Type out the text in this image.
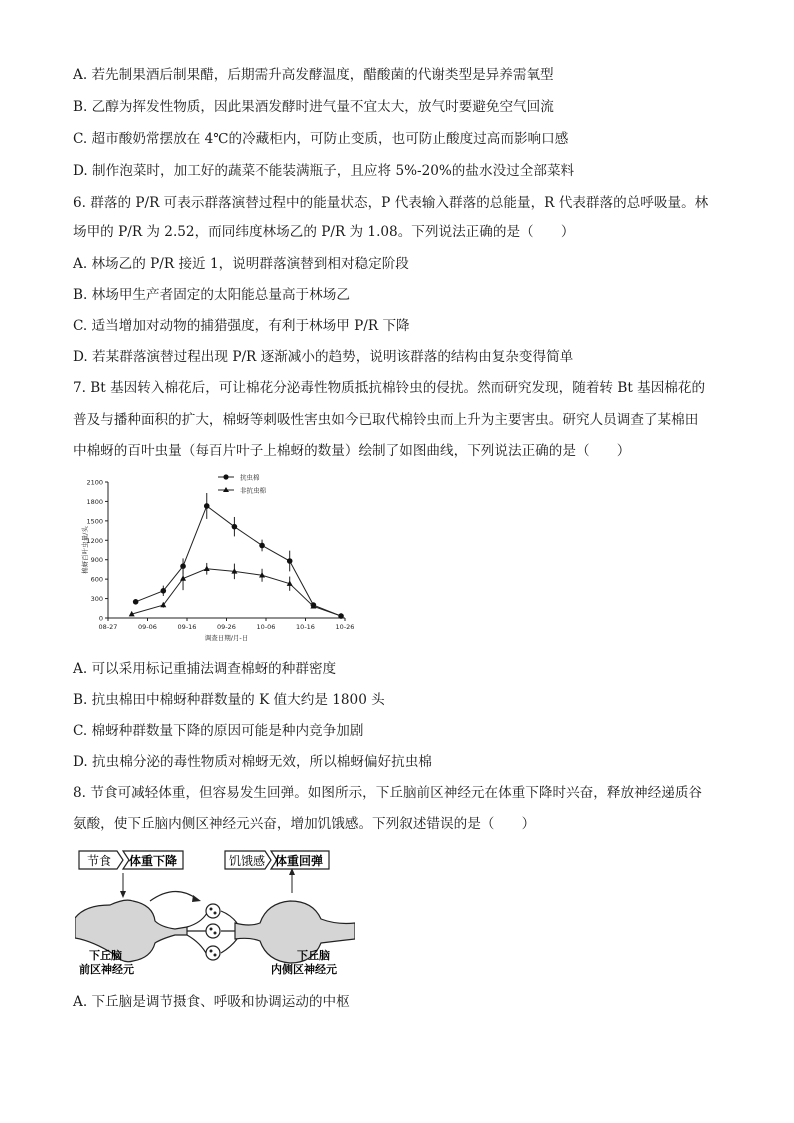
A. 若先制果酒后制果醋，后期需升高发酵温度，醋酸菌的代谢类型是异养需氧型
B. 乙醇为挥发性物质，因此果酒发酵时进气量不宜太大，放气时要避免空气回流
C. 超市酸奶常摆放在 4℃的冷藏柜内，可防止变质，也可防止酸度过高而影响口感
D. 制作泡菜时，加工好的蔬菜不能装满瓶子，且应将 5%-20%的盐水没过全部菜料
6. 群落的 P/R 可表示群落演替过程中的能量状态，P 代表输入群落的总能量，R 代表群落的总呼吸量。林
场甲的 P/R 为 2.52，而同纬度林场乙的 P/R 为 1.08。下列说法正确的是（　　）
A. 林场乙的 P/R 接近 1，说明群落演替到相对稳定阶段
B. 林场甲生产者固定的太阳能总量高于林场乙
C. 适当增加对动物的捕猎强度，有利于林场甲 P/R 下降
D. 若某群落演替过程出现 P/R 逐渐减小的趋势，说明该群落的结构由复杂变得简单
7. Bt 基因转入棉花后，可让棉花分泌毒性物质抵抗棉铃虫的侵扰。然而研究发现，随着转 Bt 基因棉花的
普及与播种面积的扩大，棉蚜等刺吸性害虫如今已取代棉铃虫而上升为主要害虫。研究人员调查了某棉田
中棉蚜的百叶虫量（每百片叶子上棉蚜的数量）绘制了如图曲线，下列说法正确的是（　　）
0
300
600
900
1200
1500
1800
2100
08-27	09-06	09-16	09-26	10-06	10-16	10-26
调查日期/月-日
棉蚜百叶虫量/头
抗虫棉
非抗虫棉
A. 可以采用标记重捕法调查棉蚜的种群密度
B. 抗虫棉田中棉蚜种群数量的 K 值大约是 1800 头
C. 棉蚜种群数量下降的原因可能是种内竞争加剧
D. 抗虫棉分泌的毒性物质对棉蚜无效，所以棉蚜偏好抗虫棉
8. 节食可减轻体重，但容易发生回弹。如图所示，下丘脑前区神经元在体重下降时兴奋，释放神经递质谷
氨酸，使下丘脑内侧区神经元兴奋，增加饥饿感。下列叙述错误的是（　　）
节食 体重下降	饥饿感 体重回弹
下丘脑
前区神经元
下丘脑
内侧区神经元
A. 下丘脑是调节摄食、呼吸和协调运动的中枢
